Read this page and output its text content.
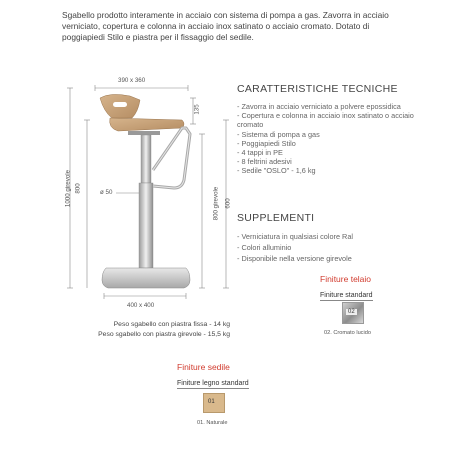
Sgabello prodotto interamente in acciaio con sistema di pompa a gas. Zavorra in acciaio verniciato, copertura e colonna in acciaio inox satinato o acciaio cromato. Dotato di poggiapiedi Stilo e piastra per il fissaggio del sedile.
390 x 360
135
ø 50
1000 girevole 800	800 girevole 600
400 x 400
Peso sgabello con piastra fissa - 14 kg
Peso sgabello con piastra girevole - 15,5 kg
CARATTERISTICHE TECNICHE
- Zavorra in acciaio verniciato a polvere epossidica
- Copertura e colonna in acciaio inox satinato o acciaio cromato
- Sistema di pompa a gas
- Poggiapiedi Stilo
- 4 tappi in PE
- 8 feltrini adesivi
- Sedile "OSLO" - 1,6 kg
SUPPLEMENTI
- Verniciatura in qualsiasi colore Ral
- Colori alluminio
- Disponibile nella versione girevole
Finiture telaio
Finiture standard
02
02. Cromato lucido
Finiture sedile
Finiture legno standard
01
01. Naturale
